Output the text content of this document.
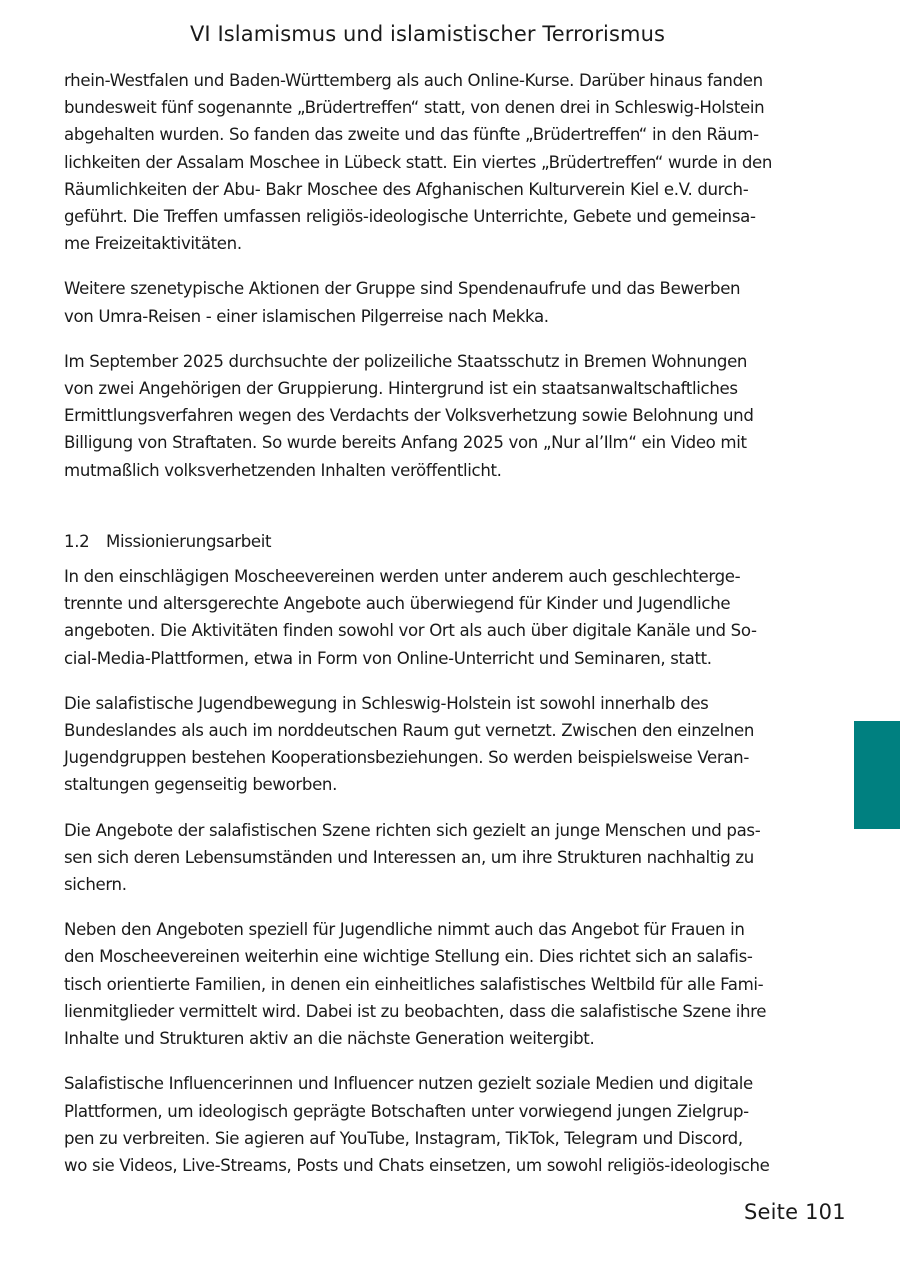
VI Islamismus und islamistischer Terrorismus

rhein-Westfalen und Baden-Württemberg als auch Online-Kurse. Darüber hinaus fanden
bundesweit fünf sogenannte „Brüdertreffen“ statt, von denen drei in Schleswig-Holstein
abgehalten wurden. So fanden das zweite und das fünfte „Brüdertreffen“ in den Räum-
lichkeiten der Assalam Moschee in Lübeck statt. Ein viertes „Brüdertreffen“ wurde in den
Räumlichkeiten der Abu- Bakr Moschee des Afghanischen Kulturverein Kiel e.V. durch-
geführt. Die Treffen umfassen religiös-ideologische Unterrichte, Gebete und gemeinsa-
me Freizeitaktivitäten.

Weitere szenetypische Aktionen der Gruppe sind Spendenaufrufe und das Bewerben
von Umra-Reisen - einer islamischen Pilgerreise nach Mekka.

Im September 2025 durchsuchte der polizeiliche Staatsschutz in Bremen Wohnungen
von zwei Angehörigen der Gruppierung. Hintergrund ist ein staatsanwaltschaftliches
Ermittlungsverfahren wegen des Verdachts der Volksverhetzung sowie Belohnung und
Billigung von Straftaten. So wurde bereits Anfang 2025 von „Nur al’Ilm“ ein Video mit
mutmaßlich volksverhetzenden Inhalten veröffentlicht.

1.2 Missionierungsarbeit

In den einschlägigen Moscheevereinen werden unter anderem auch geschlechterge-
trennte und altersgerechte Angebote auch überwiegend für Kinder und Jugendliche
angeboten. Die Aktivitäten finden sowohl vor Ort als auch über digitale Kanäle und So-
cial-Media-Plattformen, etwa in Form von Online-Unterricht und Seminaren, statt.

Die salafistische Jugendbewegung in Schleswig-Holstein ist sowohl innerhalb des
Bundeslandes als auch im norddeutschen Raum gut vernetzt. Zwischen den einzelnen
Jugendgruppen bestehen Kooperationsbeziehungen. So werden beispielsweise Veran-
staltungen gegenseitig beworben.

Die Angebote der salafistischen Szene richten sich gezielt an junge Menschen und pas-
sen sich deren Lebensumständen und Interessen an, um ihre Strukturen nachhaltig zu
sichern.

Neben den Angeboten speziell für Jugendliche nimmt auch das Angebot für Frauen in
den Moscheevereinen weiterhin eine wichtige Stellung ein. Dies richtet sich an salafis-
tisch orientierte Familien, in denen ein einheitliches salafistisches Weltbild für alle Fami-
lienmitglieder vermittelt wird. Dabei ist zu beobachten, dass die salafistische Szene ihre
Inhalte und Strukturen aktiv an die nächste Generation weitergibt.

Salafistische Influencerinnen und Influencer nutzen gezielt soziale Medien und digitale
Plattformen, um ideologisch geprägte Botschaften unter vorwiegend jungen Zielgrup-
pen zu verbreiten. Sie agieren auf YouTube, Instagram, TikTok, Telegram und Discord,
wo sie Videos, Live-Streams, Posts und Chats einsetzen, um sowohl religiös-ideologische

Seite 101
